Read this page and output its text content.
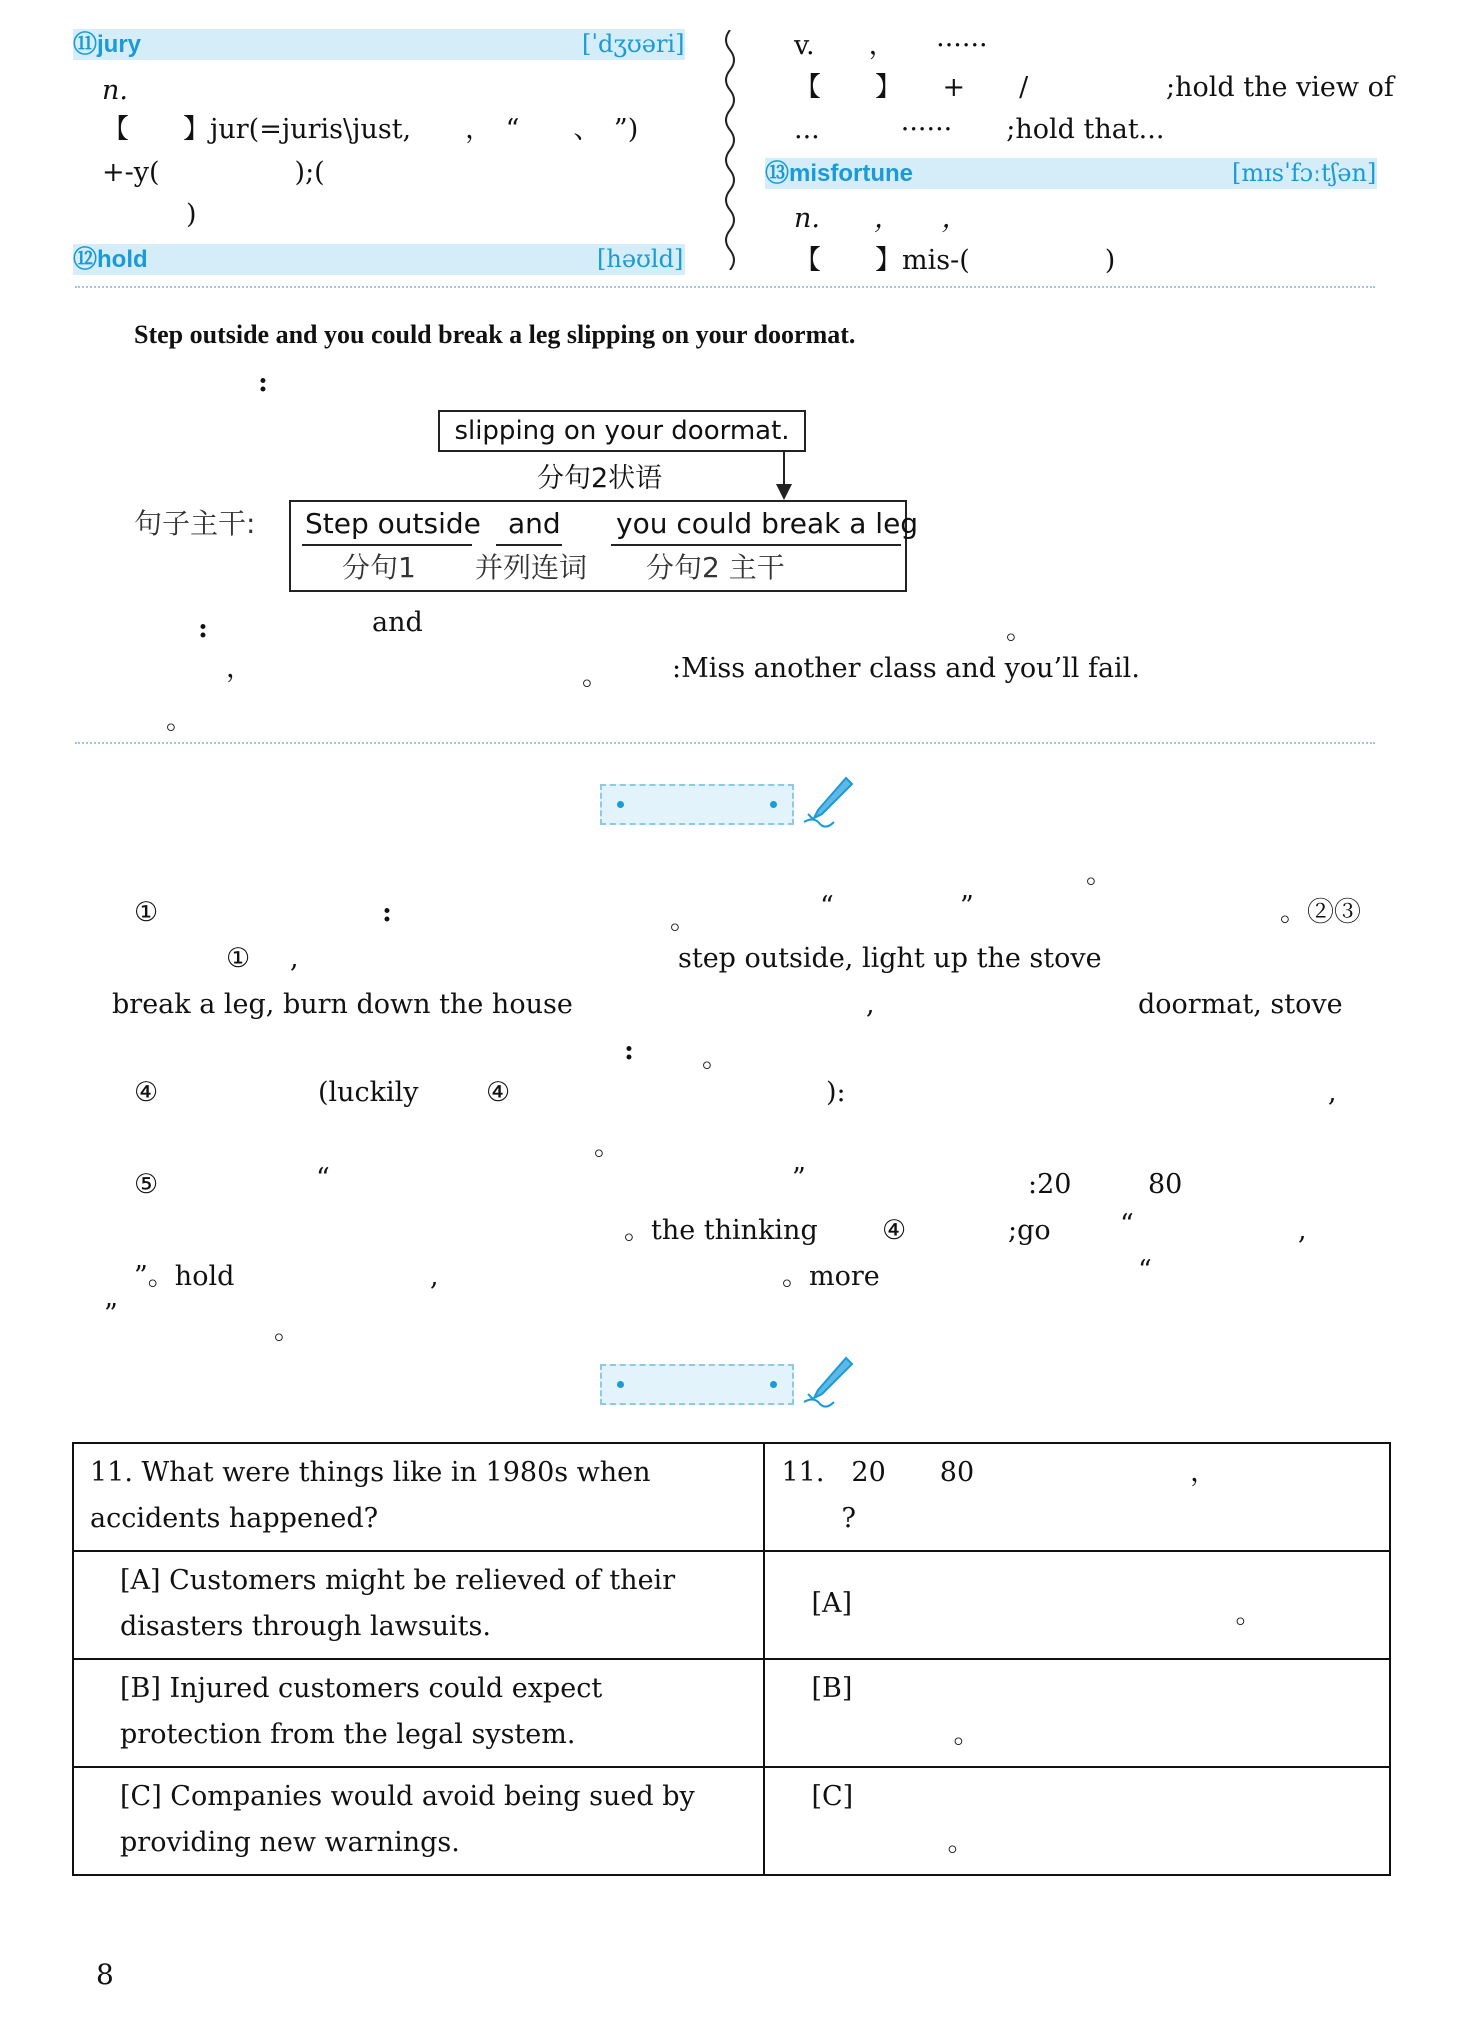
⑪jury	[ˈdʒʊəri]
n.
【　　】jur(=juris\just,　　，　“　　、　”)
+-y(　　　　　);(
)
⑫hold	[həʊld]
v.　　，　　······
【　　】　　+　　/	;hold the view of
...　　　······　　;hold that...
⑬misfortune	[mɪsˈfɔːtʃən]
n.　　，　　，
【　　】mis-(　　　　　)
Step outside and you could break a leg slipping on your doormat.
:
slipping on your doormat.
分句2状语
句子主干: Step outside and you could break a leg
分句1 并列连词 分句2 主干
:	and	。
，	。 :Miss another class and you’ll fail.
。
。
①	:	。	“	”	。②③
① ,	step outside, light up the stove
break a leg, burn down the house	,	doormat, stove
:	。
④	(luckily ④	):	,
。
⑤	“	”	:20	80
。the thinking ④	;go	“	,
”。hold	,	。more	“
”
。
11. What were things like in 1980s when accidents happened?	11.　20　　80　　　　　　　　，
?
[A] Customers might be relieved of their disasters through lawsuits.	[A] 。

[B] Injured customers could expect protection from the legal system.	[B]
。
[C] Companies would avoid being sued by providing new warnings.	[C]
。
8
